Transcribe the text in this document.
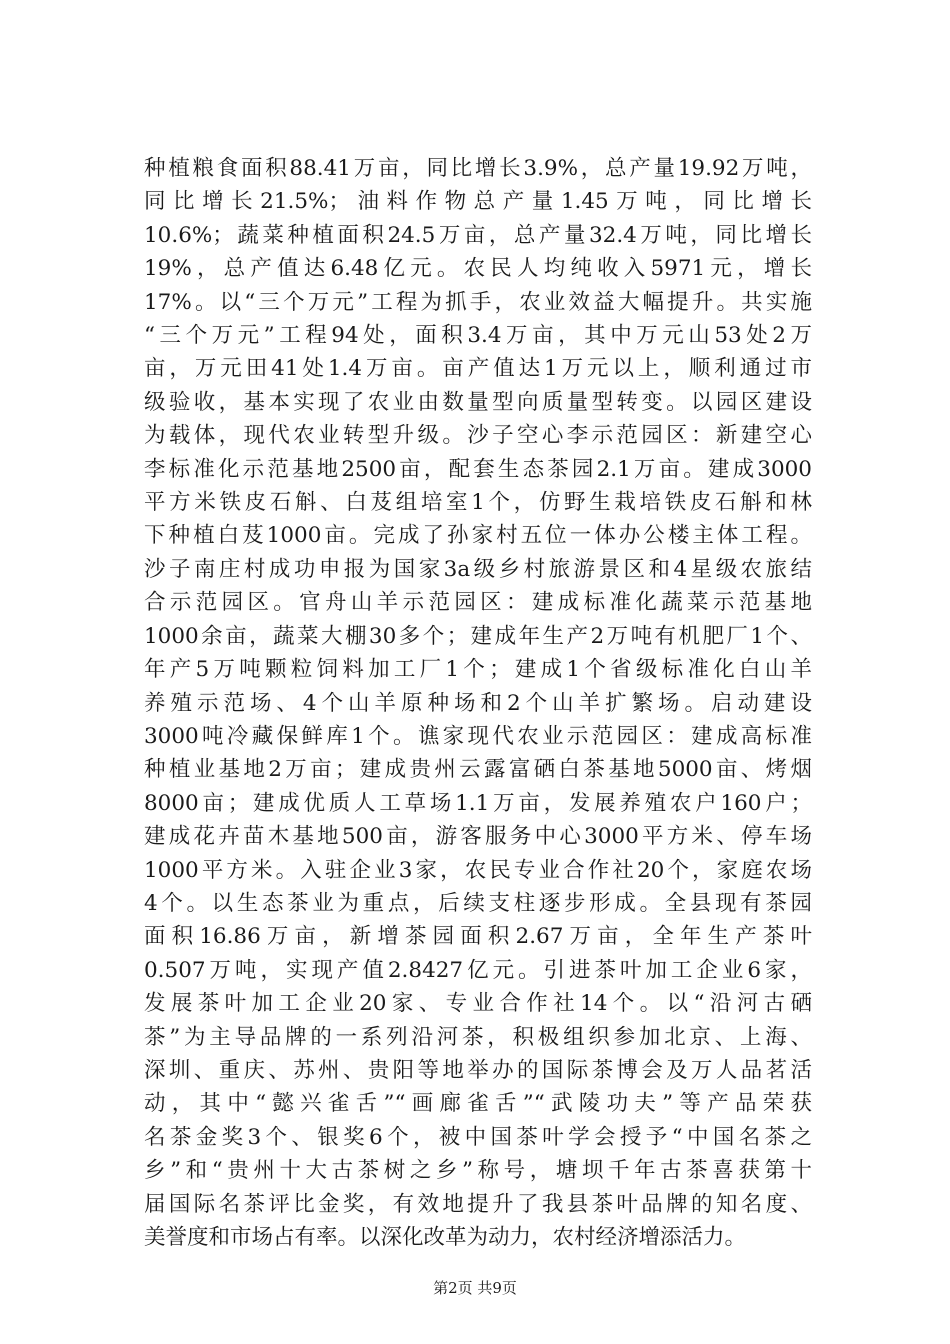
种植粮食面积88.41万亩，同比增长3.9%，总产量19.92万吨，
同比增长21.5%；油料作物总产量1.45万吨，同比增长
10.6%；蔬菜种植面积24.5万亩，总产量32.4万吨，同比增长
19%，总产值达6.48亿元。农民人均纯收入5971元，增长
17%。以“三个万元”工程为抓手，农业效益大幅提升。共实施
“三个万元”工程94处，面积3.4万亩，其中万元山53处2万
亩，万元田41处1.4万亩。亩产值达1万元以上，顺利通过市
级验收，基本实现了农业由数量型向质量型转变。以园区建设
为载体，现代农业转型升级。沙子空心李示范园区：新建空心
李标准化示范基地2500亩，配套生态茶园2.1万亩。建成3000
平方米铁皮石斛、白芨组培室1个，仿野生栽培铁皮石斛和林
下种植白芨1000亩。完成了孙家村五位一体办公楼主体工程。
沙子南庄村成功申报为国家3a级乡村旅游景区和4星级农旅结
合示范园区。官舟山羊示范园区：建成标准化蔬菜示范基地
1000余亩，蔬菜大棚30多个；建成年生产2万吨有机肥厂1个、
年产5万吨颗粒饲料加工厂1个；建成1个省级标准化白山羊
养殖示范场、4个山羊原种场和2个山羊扩繁场。启动建设
3000吨冷藏保鲜库1个。谯家现代农业示范园区：建成高标准
种植业基地2万亩；建成贵州云露富硒白茶基地5000亩、烤烟
8000亩；建成优质人工草场1.1万亩，发展养殖农户160户；
建成花卉苗木基地500亩，游客服务中心3000平方米、停车场
1000平方米。入驻企业3家，农民专业合作社20个，家庭农场
4个。以生态茶业为重点，后续支柱逐步形成。全县现有茶园
面积16.86万亩，新增茶园面积2.67万亩，全年生产茶叶
0.507万吨，实现产值2.8427亿元。引进茶叶加工企业6家，
发展茶叶加工企业20家、专业合作社14个。以“沿河古硒
茶”为主导品牌的一系列沿河茶，积极组织参加北京、上海、
深圳、重庆、苏州、贵阳等地举办的国际茶博会及万人品茗活
动，其中“懿兴雀舌”“画廊雀舌”“武陵功夫”等产品荣获
名茶金奖3个、银奖6个，被中国茶叶学会授予“中国名茶之
乡”和“贵州十大古茶树之乡”称号，塘坝千年古茶喜获第十
届国际名茶评比金奖，有效地提升了我县茶叶品牌的知名度、
美誉度和市场占有率。以深化改革为动力，农村经济增添活力。
第2页 共9页
